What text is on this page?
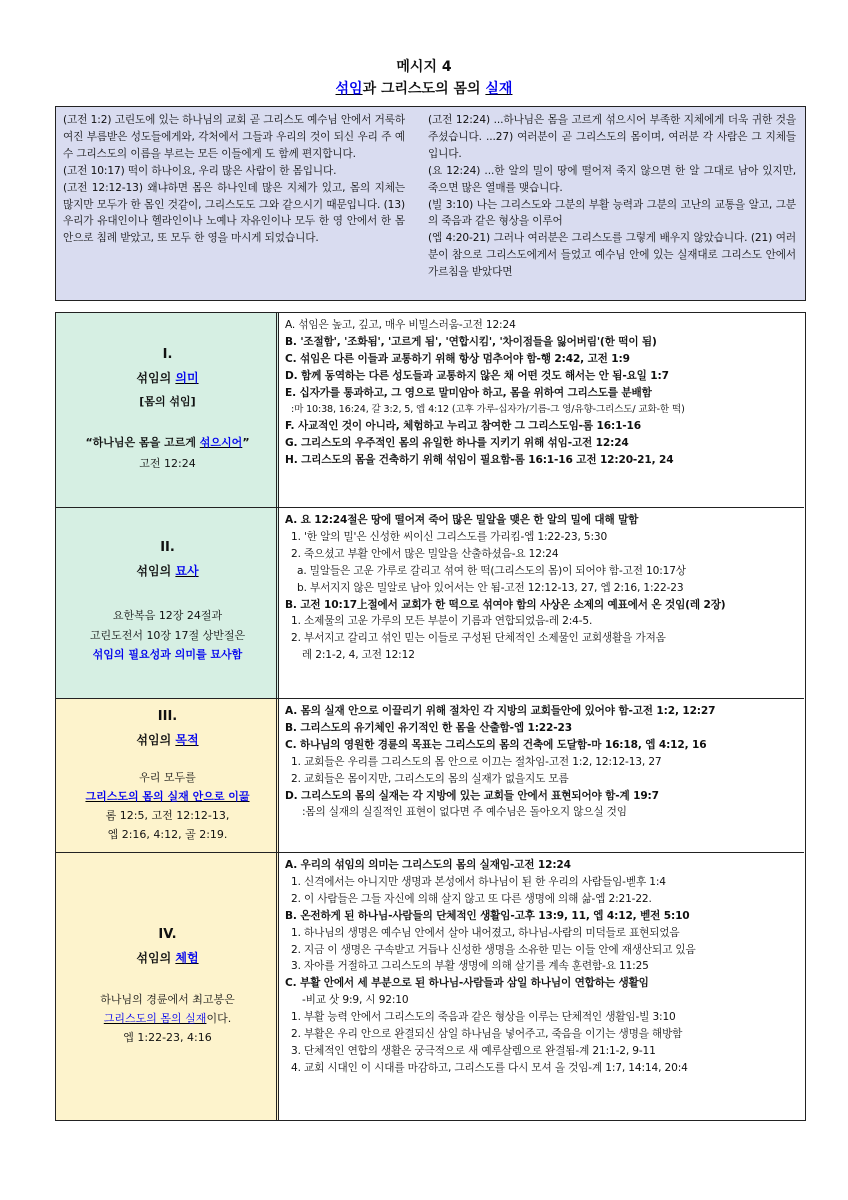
메시지 4
섞임과 그리스도의 몸의 실재

(고전 1:2) 고린도에 있는 하나님의 교회 곧 그리스도 예수님 안에서 거룩하여진 부름받은 성도들에게와, 각처에서 그들과 우리의 것이 되신 우리 주 예수 그리스도의 이름을 부르는 모든 이들에게 도 함께 편지합니다.

(고전 10:17) 떡이 하나이요, 우리 많은 사람이 한 몸입니다.

(고전 12:12-13) 왜냐하면 몸은 하나인데 많은 지체가 있고, 몸의 지체는 많지만 모두가 한 몸인 것같이, 그리스도도 그와 같으시기 때문입니다. (13) 우리가 유대인이나 헬라인이나 노예나 자유인이나 모두 한 영 안에서 한 몸 안으로 침례 받았고, 또 모두 한 영을 마시게 되었습니다.

(고전 12:24) ...하나님은 몸을 고르게 섞으시어 부족한 지체에게 더욱 귀한 것을 주셨습니다. ...27) 여러분이 곧 그리스도의 몸이며, 여러분 각 사람은 그 지체들입니다.

(요 12:24) ...한 알의 밀이 땅에 떨어져 죽지 않으면 한 알 그대로 남아 있지만, 죽으면 많은 열매를 맺습니다.

(빌 3:10) 나는 그리스도와 그분의 부활 능력과 그분의 고난의 교통을 알고, 그분의 죽음과 같은 형상을 이루어

(엡 4:20-21) 그러나 여러분은 그리스도를 그렇게 배우지 않았습니다. (21) 여러분이 참으로 그리스도에게서 들었고 예수님 안에 있는 실재대로 그리스도 안에서 가르침을 받았다면

I.
섞임의 의미
[몸의 섞임]
“하나님은 몸을 고르게 섞으시어”
고전 12:24

A. 섞임은 높고, 깊고, 매우 비밀스러움-고전 12:24

B. '조절함', '조화됨', '고르게 됨', '연합시킴', '차이점들을 잃어버림'(한 떡이 됨)

C. 섞임은 다른 이들과 교통하기 위해 항상 멈추어야 함-행 2:42, 고전 1:9

D. 함께 동역하는 다른 성도들과 교통하지 않은 채 어떤 것도 해서는 안 됨-요일 1:7

E. 십자가를 통과하고, 그 영으로 말미암아 하고, 몸을 위하여 그리스도를 분배함

:마 10:38, 16:24, 갈 3:2, 5, 엡 4:12 (고후 가루-십자가/기름-그 영/유향-그리스도/ 교화-한 떡)

F. 사교적인 것이 아니라, 체험하고 누리고 참여한 그 그리스도임-롬 16:1-16

G. 그리스도의 우주적인 몸의 유일한 하나를 지키기 위해 섞임-고전 12:24

H. 그리스도의 몸을 건축하기 위해 섞임이 필요함-롬 16:1-16 고전 12:20-21, 24

II.
섞임의 묘사
요한복음 12장 24절과
고린도전서 10장 17절 상반절은
섞임의 필요성과 의미를 묘사함

A. 요 12:24절은 땅에 떨어져 죽어 많은 밀알을 맺은 한 알의 밀에 대해 말함

1. '한 알의 밀'은 신성한 씨이신 그리스도를 가리킴-엡 1:22-23, 5:30

2. 죽으셨고 부활 안에서 많은 밀알을 산출하셨음-요 12:24

a. 밀알들은 고운 가루로 갈리고 섞여 한 떡(그리스도의 몸)이 되어야 함-고전 10:17상

b. 부서지지 않은 밀알로 남아 있어서는 안 됨-고전 12:12-13, 27, 엡 2:16, 1:22-23

B. 고전 10:17上절에서 교회가 한 떡으로 섞여야 함의 사상은 소제의 예표에서 온 것임(레 2장)

1. 소제물의 고운 가루의 모든 부분이 기름과 연합되었음-레 2:4-5.

2. 부서지고 갈리고 섞인 믿는 이들로 구성된 단체적인 소제물인 교회생활을 가져옴

레 2:1-2, 4, 고전 12:12

III.
섞임의 목적
우리 모두를
그리스도의 몸의 실재 안으로 이끎
롬 12:5, 고전 12:12-13,
엡 2:16, 4:12, 골 2:19.

A. 몸의 실재 안으로 이끌리기 위해 절차인 각 지방의 교회들안에 있어야 함-고전 1:2, 12:27

B. 그리스도의 유기체인 유기적인 한 몸을 산출함-엡 1:22-23

C. 하나님의 영원한 경륜의 목표는 그리스도의 몸의 건축에 도달함-마 16:18, 엡 4:12, 16

1. 교회들은 우리를 그리스도의 몸 안으로 이끄는 절차임-고전 1:2, 12:12-13, 27

2. 교회들은 몸이지만, 그리스도의 몸의 실재가 없을지도 모름

D. 그리스도의 몸의 실재는 각 지방에 있는 교회들 안에서 표현되어야 함-계 19:7

:몸의 실재의 실질적인 표현이 없다면 주 예수님은 돌아오지 않으실 것임

IV.
섞임의 체험
하나님의 경륜에서 최고봉은
그리스도의 몸의 실재이다.
엡 1:22-23, 4:16

A. 우리의 섞임의 의미는 그리스도의 몸의 실재임-고전 12:24

1. 신격에서는 아니지만 생명과 본성에서 하나님이 된 한 우리의 사람들임-벧후 1:4

2. 이 사람들은 그들 자신에 의해 살지 않고 또 다른 생명에 의해 삶-엡 2:21-22.

B. 온전하게 된 하나님-사람들의 단체적인 생활임-고후 13:9, 11, 엡 4:12, 벧전 5:10

1. 하나님의 생명은 예수님 안에서 살아 내어졌고, 하나님-사람의 미덕들로 표현되었음

2. 지금 이 생명은 구속받고 거듭나 신성한 생명을 소유한 믿는 이들 안에 재생산되고 있음

3. 자아를 거절하고 그리스도의 부활 생명에 의해 살기를 계속 훈련함-요 11:25

C. 부활 안에서 세 부분으로 된 하나님-사람들과 삼일 하나님이 연합하는 생활임

-비교 삿 9:9, 시 92:10

1. 부활 능력 안에서 그리스도의 죽음과 같은 형상을 이루는 단체적인 생활임-빌 3:10

2. 부활은 우리 안으로 완결되신 삼일 하나님을 넣어주고, 죽음을 이기는 생명을 해방함

3. 단체적인 연합의 생활은 궁극적으로 새 예루살렘으로 완결됨-계 21:1-2, 9-11

4. 교회 시대인 이 시대를 마감하고, 그리스도를 다시 모셔 올 것임-계 1:7, 14:14, 20:4
